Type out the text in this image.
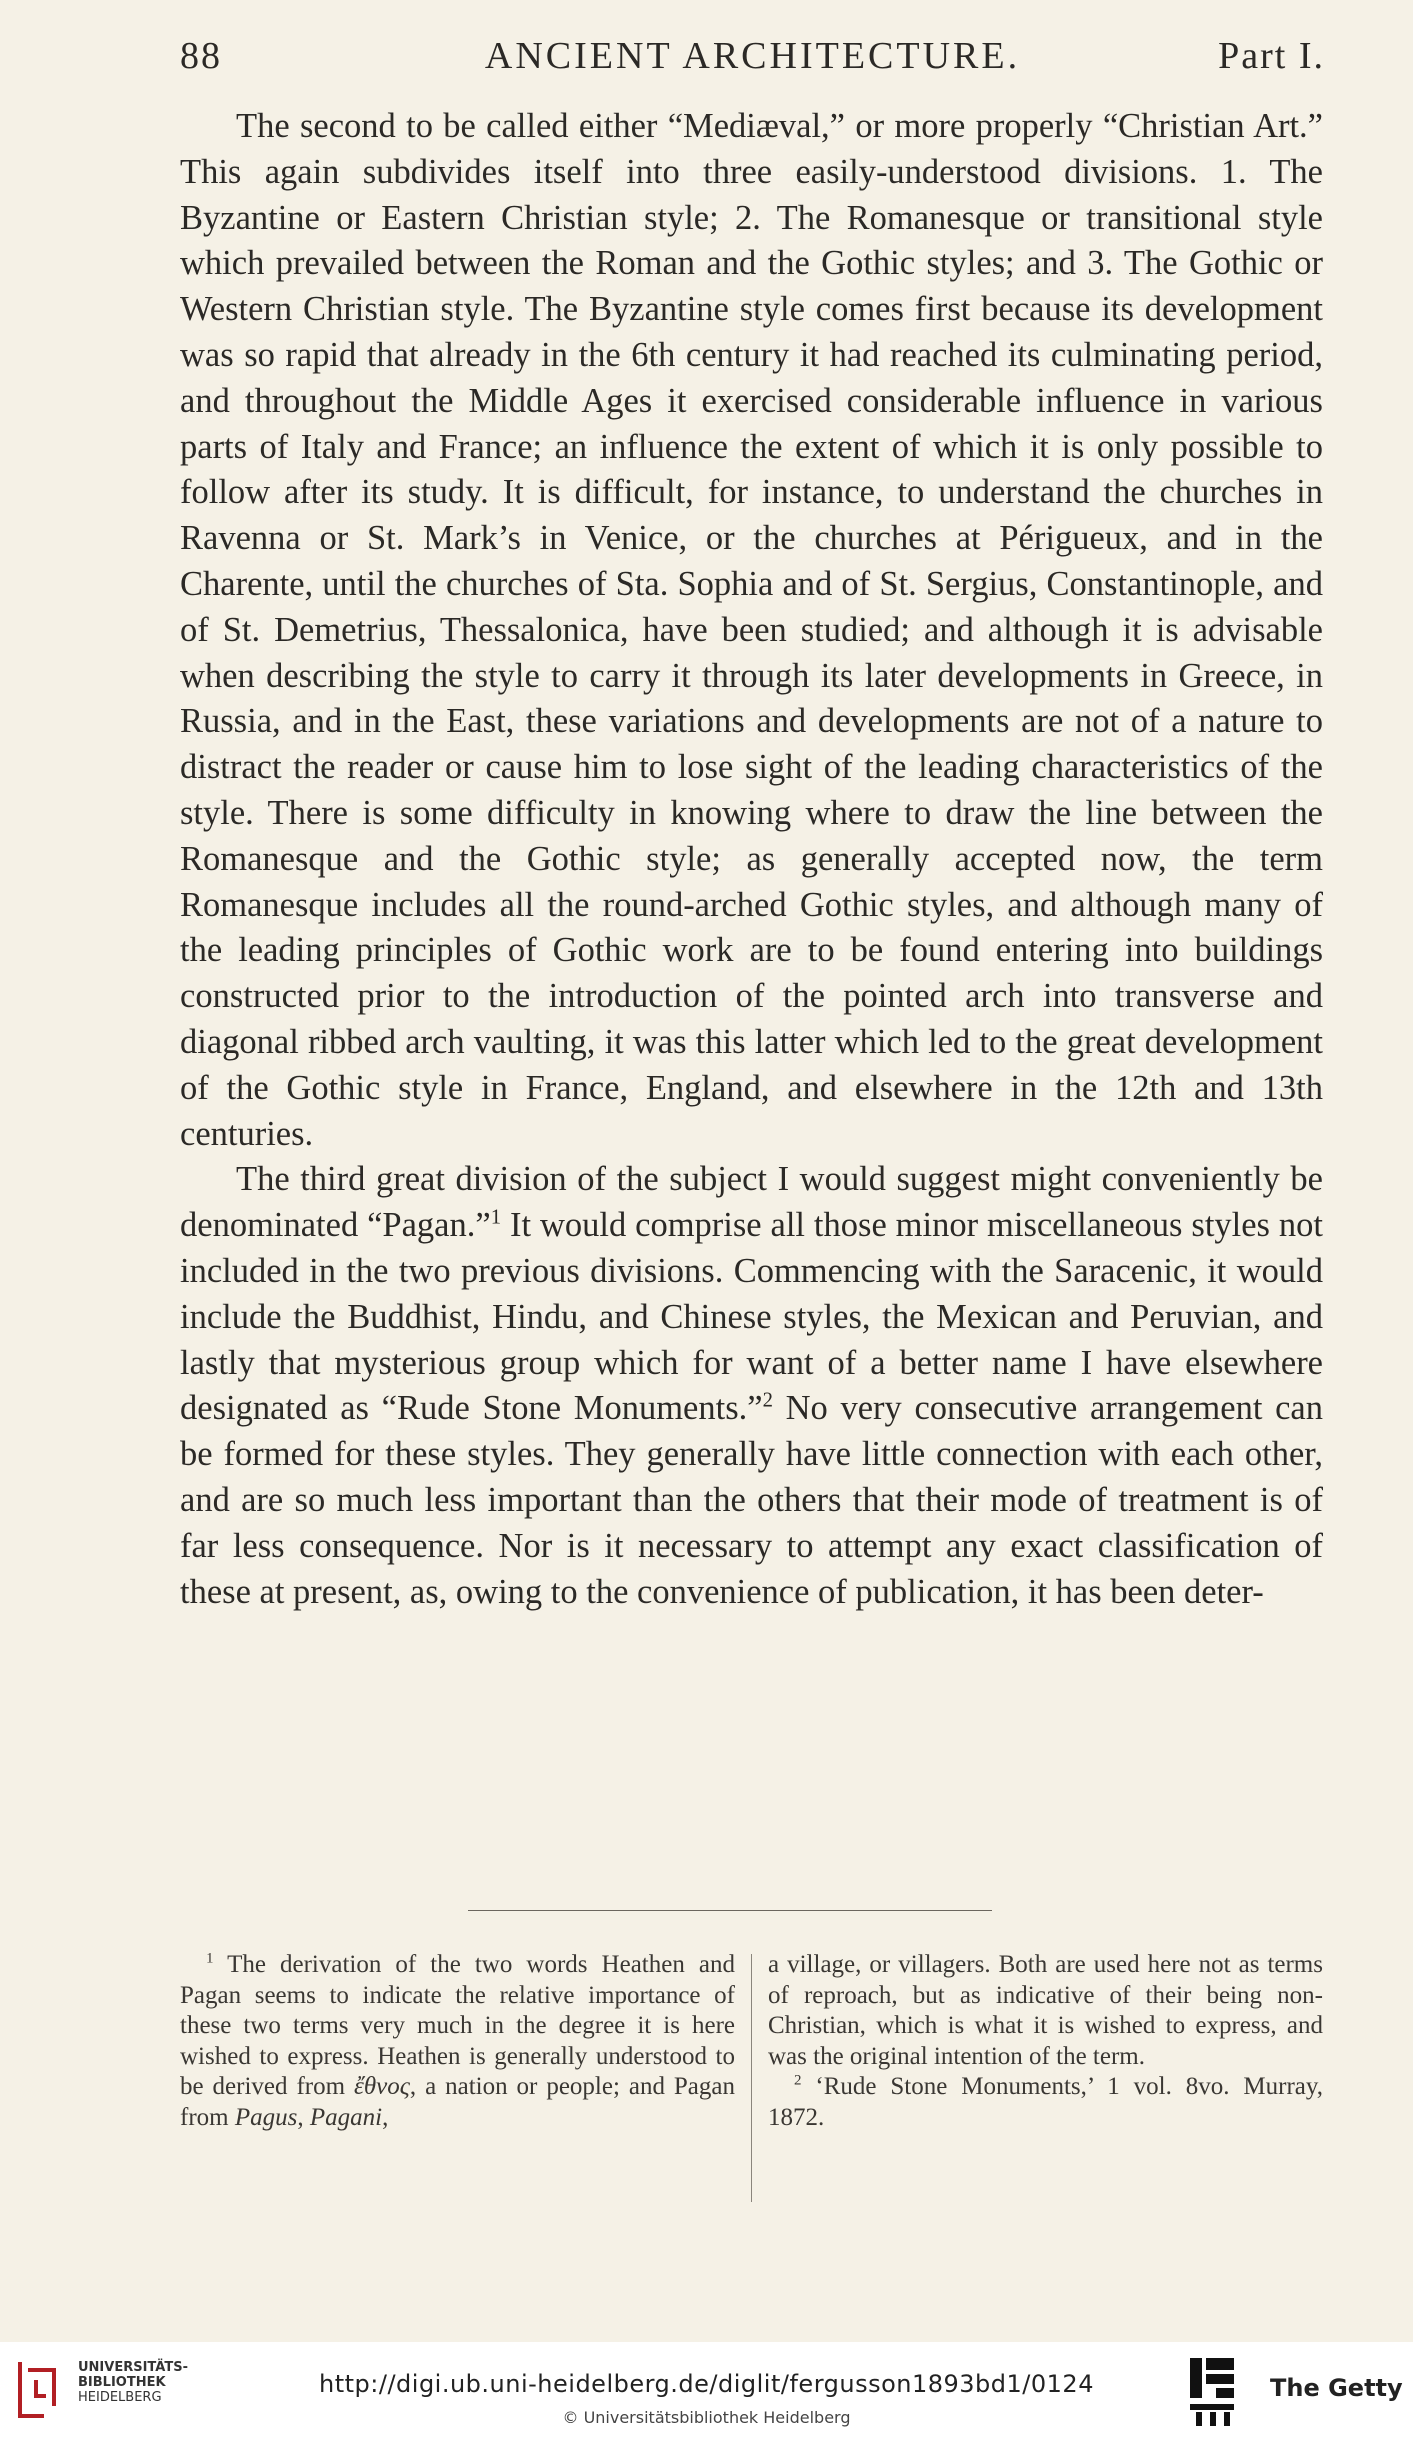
88	ANCIENT ARCHITECTURE.	Part I.

The second to be called either “Mediæval,” or more properly “Christian Art.” This again subdivides itself into three easily-understood divisions. 1. The Byzantine or Eastern Christian style; 2. The Romanesque or transitional style which prevailed between the Roman and the Gothic styles; and 3. The Gothic or Western Christian style. The Byzantine style comes first because its development was so rapid that already in the 6th century it had reached its culminating period, and throughout the Middle Ages it exercised considerable influence in various parts of Italy and France; an influence the extent of which it is only possible to follow after its study. It is difficult, for instance, to understand the churches in Ravenna or St. Mark’s in Venice, or the churches at Périgueux, and in the Charente, until the churches of Sta. Sophia and of St. Sergius, Constantinople, and of St. Demetrius, Thessalonica, have been studied; and although it is advisable when describing the style to carry it through its later developments in Greece, in Russia, and in the East, these variations and developments are not of a nature to distract the reader or cause him to lose sight of the leading characteristics of the style. There is some difficulty in knowing where to draw the line between the Romanesque and the Gothic style; as generally accepted now, the term Romanesque includes all the round-arched Gothic styles, and although many of the leading principles of Gothic work are to be found entering into buildings constructed prior to the introduction of the pointed arch into transverse and diagonal ribbed arch vaulting, it was this latter which led to the great development of the Gothic style in France, England, and elsewhere in the 12th and 13th centuries.

The third great division of the subject I would suggest might conveniently be denominated “Pagan.”$^1$ It would comprise all those minor miscellaneous styles not included in the two previous divisions. Commencing with the Saracenic, it would include the Buddhist, Hindu, and Chinese styles, the Mexican and Peruvian, and lastly that mysterious group which for want of a better name I have elsewhere designated as “Rude Stone Monuments.”$^2$ No very consecutive arrangement can be formed for these styles. They generally have little connection with each other, and are so much less important than the others that their mode of treatment is of far less consequence. Nor is it necessary to attempt any exact classification of these at present, as, owing to the convenience of publication, it has been deter-

$^1$ The derivation of the two words Heathen and Pagan seems to indicate the relative importance of these two terms very much in the degree it is here wished to express. Heathen is generally understood to be derived from ἔθνος, a nation or people; and Pagan from Pagus, Pagani,

a village, or villagers. Both are used here not as terms of reproach, but as indicative of their being non-Christian, which is what it is wished to express, and was the original intention of the term.

$^2$ ‘Rude Stone Monuments,’ 1 vol. 8vo. Murray, 1872.

UNIVERSITÄTS-
BIBLIOTHEK
HEIDELBERG	http://digi.ub.uni-heidelberg.de/diglit/fergusson1893bd1/0124
© Universitätsbibliothek Heidelberg
The Getty
